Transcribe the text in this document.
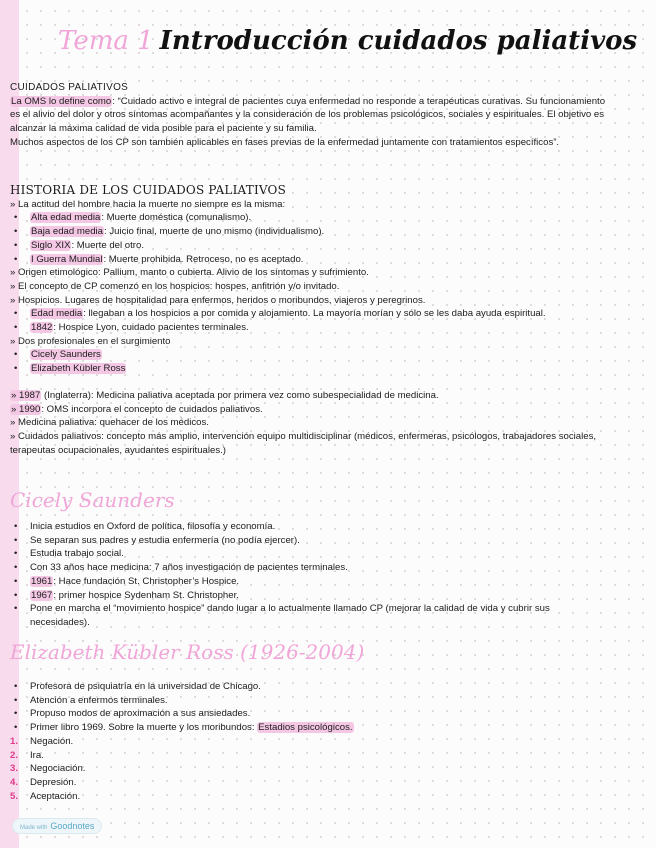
Tema 1 Introducción cuidados paliativos
CUIDADOS PALIATIVOS
La OMS lo define como: “Cuidado activo e integral de pacientes cuya enfermedad no responde a terapéuticas curativas. Su funcionamiento es el alivio del dolor y otros síntomas acompañantes y la consideración de los problemas psicológicos, sociales y espirituales. El objetivo es alcanzar la máxima calidad de vida posible para el paciente y su familia.
Muchos aspectos de los CP son también aplicables en fases previas de la enfermedad juntamente con tratamientos específicos”.
HISTORIA DE LOS CUIDADOS PALIATIVOS
» La actitud del hombre hacia la muerte no siempre es la misma:
• Alta edad media: Muerte doméstica (comunalismo).
• Baja edad media: Juicio final, muerte de uno mismo (individualismo).
• Siglo XIX: Muerte del otro.
• I Guerra Mundial: Muerte prohibida. Retroceso, no es aceptado.
» Origen etimológico: Pallium, manto o cubierta. Alivio de los síntomas y sufrimiento.
» El concepto de CP comenzó en los hospicios: hospes, anfitrión y/o invitado.
» Hospicios. Lugares de hospitalidad para enfermos, heridos o moribundos, viajeros y peregrinos.
• Edad media: llegaban a los hospicios a por comida y alojamiento. La mayoría morían y sólo se les daba ayuda espiritual.
• 1842: Hospice Lyon, cuidado pacientes terminales.
» Dos profesionales en el surgimiento
• Cicely Saunders
• Elizabeth Kübler Ross
» 1987 (Inglaterra): Medicina paliativa aceptada por primera vez como subespecialidad de medicina.
» 1990: OMS incorpora el concepto de cuidados paliativos.
» Medicina paliativa: quehacer de los médicos.
» Cuidados paliativos: concepto más amplio, intervención equipo multidisciplinar (médicos, enfermeras, psicólogos, trabajadores sociales, terapeutas ocupacionales, ayudantes espirituales.)
Cicely Saunders
• Inicia estudios en Oxford de política, filosofía y economía.
• Se separan sus padres y estudia enfermería (no podía ejercer).
• Estudia trabajo social.
• Con 33 años hace medicina: 7 años investigación de pacientes terminales.
• 1961: Hace fundación St. Christopher’s Hospice.
• 1967: primer hospice Sydenham St. Christopher.
• Pone en marcha el “movimiento hospice” dando lugar a lo actualmente llamado CP (mejorar la calidad de vida y cubrir sus necesidades).
Elizabeth Kübler Ross (1926-2004)
• Profesora de psiquiatría en la universidad de Chicago.
• Atención a enfermos terminales.
• Propuso modos de aproximación a sus ansiedades.
• Primer libro 1969. Sobre la muerte y los moribundos: Estadios psicológicos.
1. Negación.
2. Ira.
3. Negociación.
4. Depresión.
5. Aceptación.
Made with Goodnotes
